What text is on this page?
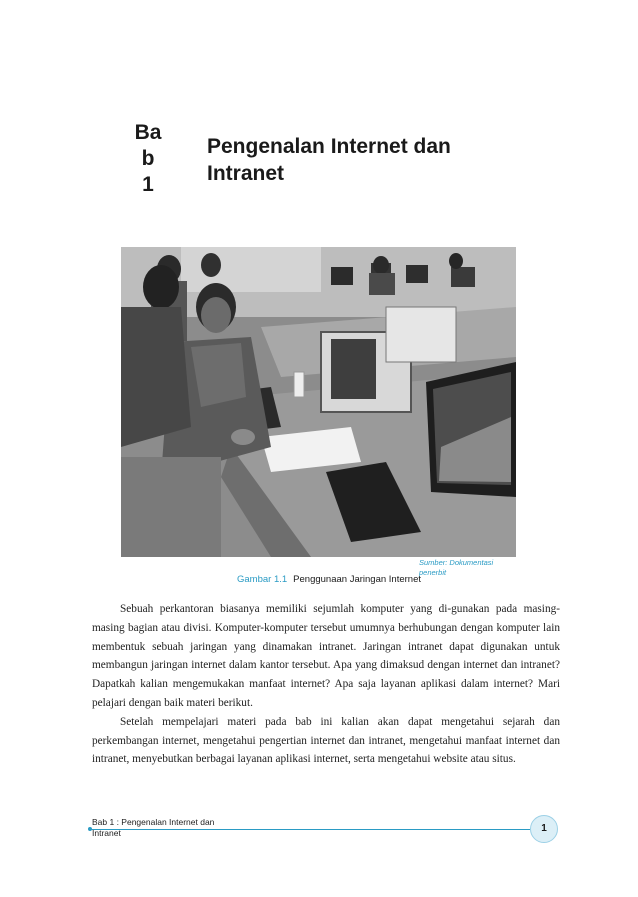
Ba
b
1
Pengenalan Internet dan
Intranet
Sumber: Dokumentasi
penerbit
Gambar 1.1 Penggunaan Jaringan Internet

Sebuah perkantoran biasanya memiliki sejumlah komputer yang di-gunakan pada masing-masing bagian atau divisi. Komputer-komputer tersebut umumnya berhubungan dengan komputer lain membentuk sebuah jaringan yang dinamakan intranet. Jaringan intranet dapat digunakan untuk membangun jaringan internet dalam kantor tersebut. Apa yang dimaksud dengan internet dan intranet? Dapatkah kalian mengemukakan manfaat internet? Apa saja layanan aplikasi dalam internet? Mari pelajari dengan baik materi berikut.

Setelah mempelajari materi pada bab ini kalian akan dapat mengetahui sejarah dan perkembangan internet, mengetahui pengertian internet dan intranet, mengetahui manfaat internet dan intranet, menyebutkan berbagai layanan aplikasi internet, serta mengetahui website atau situs.

Bab 1 : Pengenalan Internet dan
Intranet	1
